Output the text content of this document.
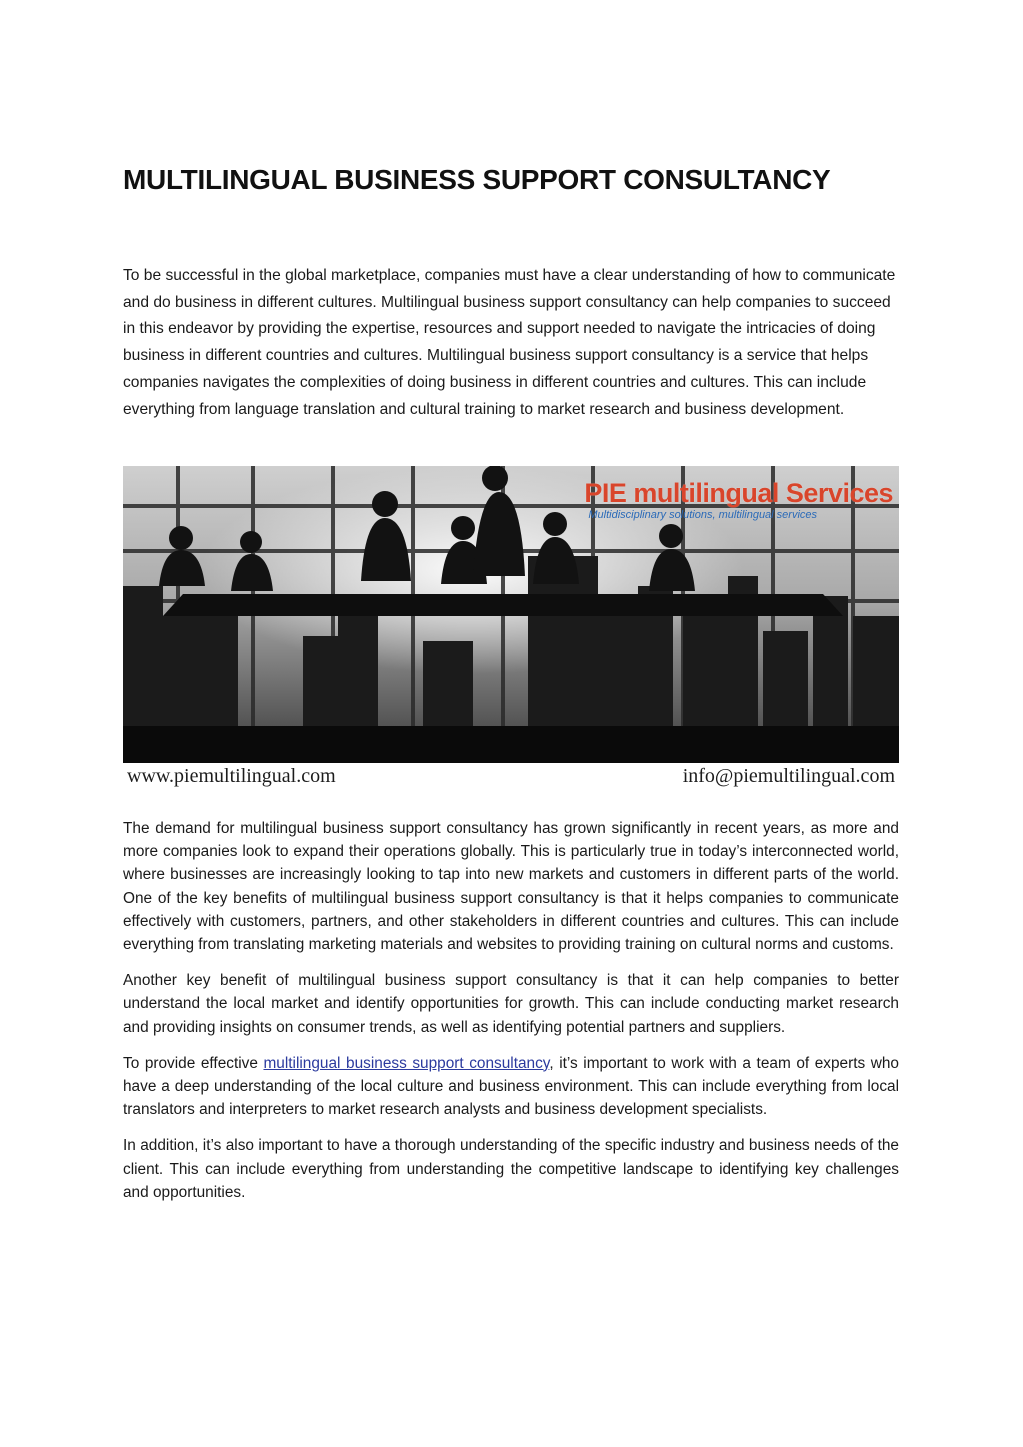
MULTILINGUAL BUSINESS SUPPORT CONSULTANCY

To be successful in the global marketplace, companies must have a clear understanding of how to communicate and do business in different cultures. Multilingual business support consultancy can help companies to succeed in this endeavor by providing the expertise, resources and support needed to navigate the intricacies of doing business in different countries and cultures. Multilingual business support consultancy is a service that helps companies navigates the complexities of doing business in different countries and cultures. This can include everything from language translation and cultural training to market research and business development.

PIE multilingual Services
Multidisciplinary solutions, multilingual services
www.piemultilingual.com	info@piemultilingual.com

The demand for multilingual business support consultancy has grown significantly in recent years, as more and more companies look to expand their operations globally. This is particularly true in today’s interconnected world, where businesses are increasingly looking to tap into new markets and customers in different parts of the world. One of the key benefits of multilingual business support consultancy is that it helps companies to communicate effectively with customers, partners, and other stakeholders in different countries and cultures. This can include everything from translating marketing materials and websites to providing training on cultural norms and customs.

Another key benefit of multilingual business support consultancy is that it can help companies to better understand the local market and identify opportunities for growth. This can include conducting market research and providing insights on consumer trends, as well as identifying potential partners and suppliers.

To provide effective multilingual business support consultancy, it’s important to work with a team of experts who have a deep understanding of the local culture and business environment. This can include everything from local translators and interpreters to market research analysts and business development specialists.

In addition, it’s also important to have a thorough understanding of the specific industry and business needs of the client. This can include everything from understanding the competitive landscape to identifying key challenges and opportunities.
